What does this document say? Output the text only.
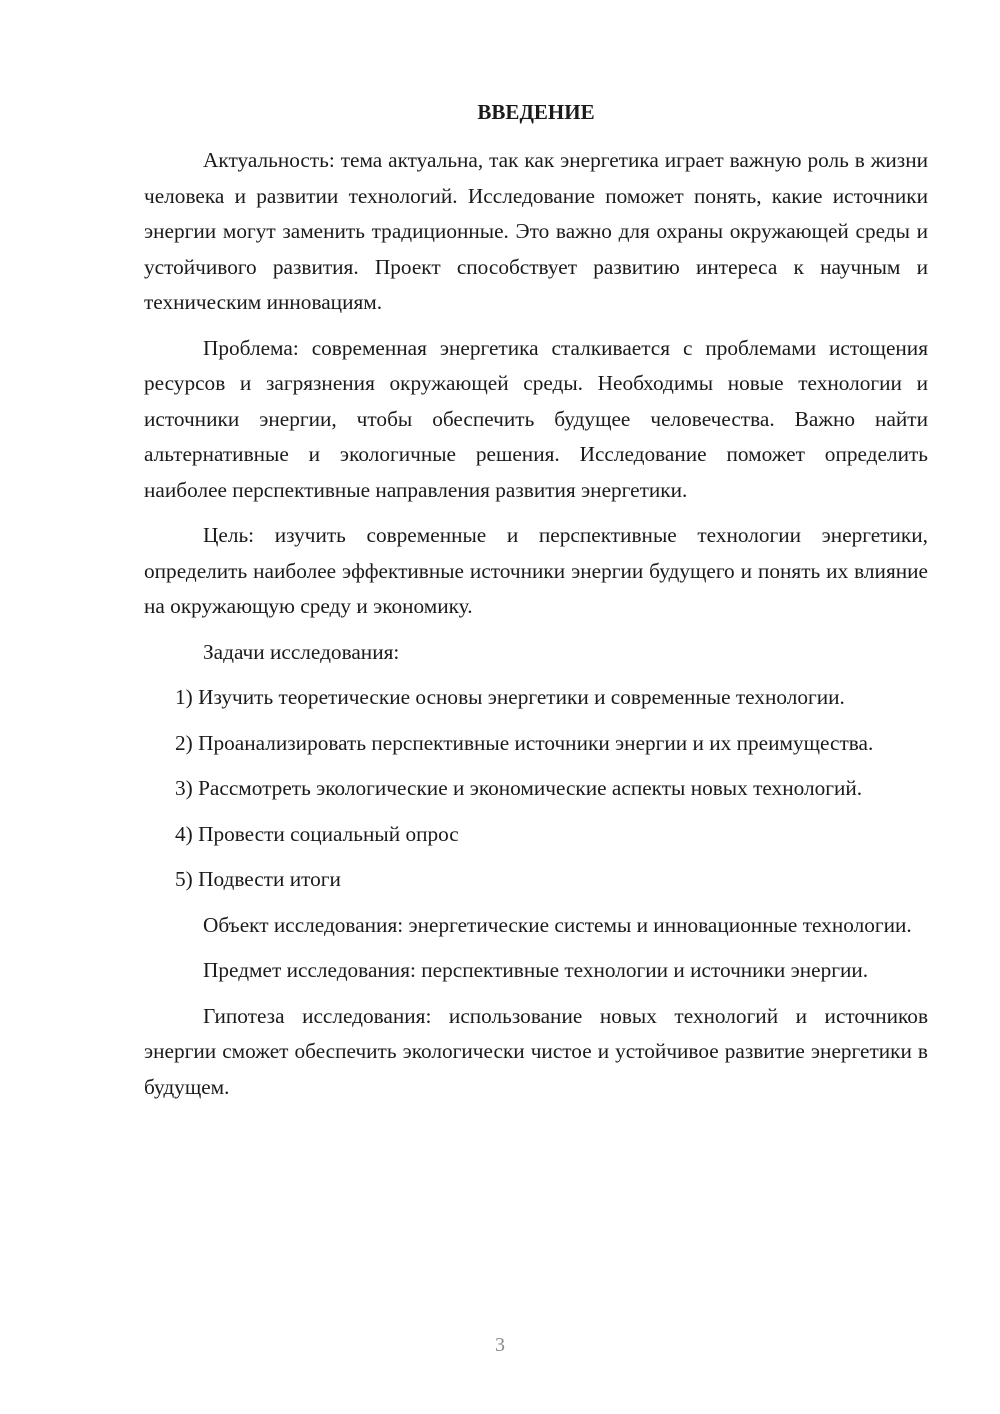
ВВЕДЕНИЕ

Актуальность: тема актуальна, так как энергетика играет важную роль в жизни человека и развитии технологий. Исследование поможет понять, какие источники энергии могут заменить традиционные. Это важно для охраны окружающей среды и устойчивого развития. Проект способствует развитию интереса к научным и техническим инновациям.

Проблема: современная энергетика сталкивается с проблемами истощения ресурсов и загрязнения окружающей среды. Необходимы новые технологии и источники энергии, чтобы обеспечить будущее человечества. Важно найти альтернативные и экологичные решения. Исследование поможет определить наиболее перспективные направления развития энергетики.

Цель: изучить современные и перспективные технологии энергетики, определить наиболее эффективные источники энергии будущего и понять их влияние на окружающую среду и экономику.

Задачи исследования:

1) Изучить теоретические основы энергетики и современные технологии.

2) Проанализировать перспективные источники энергии и их преимущества.

3) Рассмотреть экологические и экономические аспекты новых технологий.

4) Провести социальный опрос

5) Подвести итоги

Объект исследования: энергетические системы и инновационные технологии.

Предмет исследования: перспективные технологии и источники энергии.

Гипотеза исследования: использование новых технологий и источников энергии сможет обеспечить экологически чистое и устойчивое развитие энергетики в будущем.

3
